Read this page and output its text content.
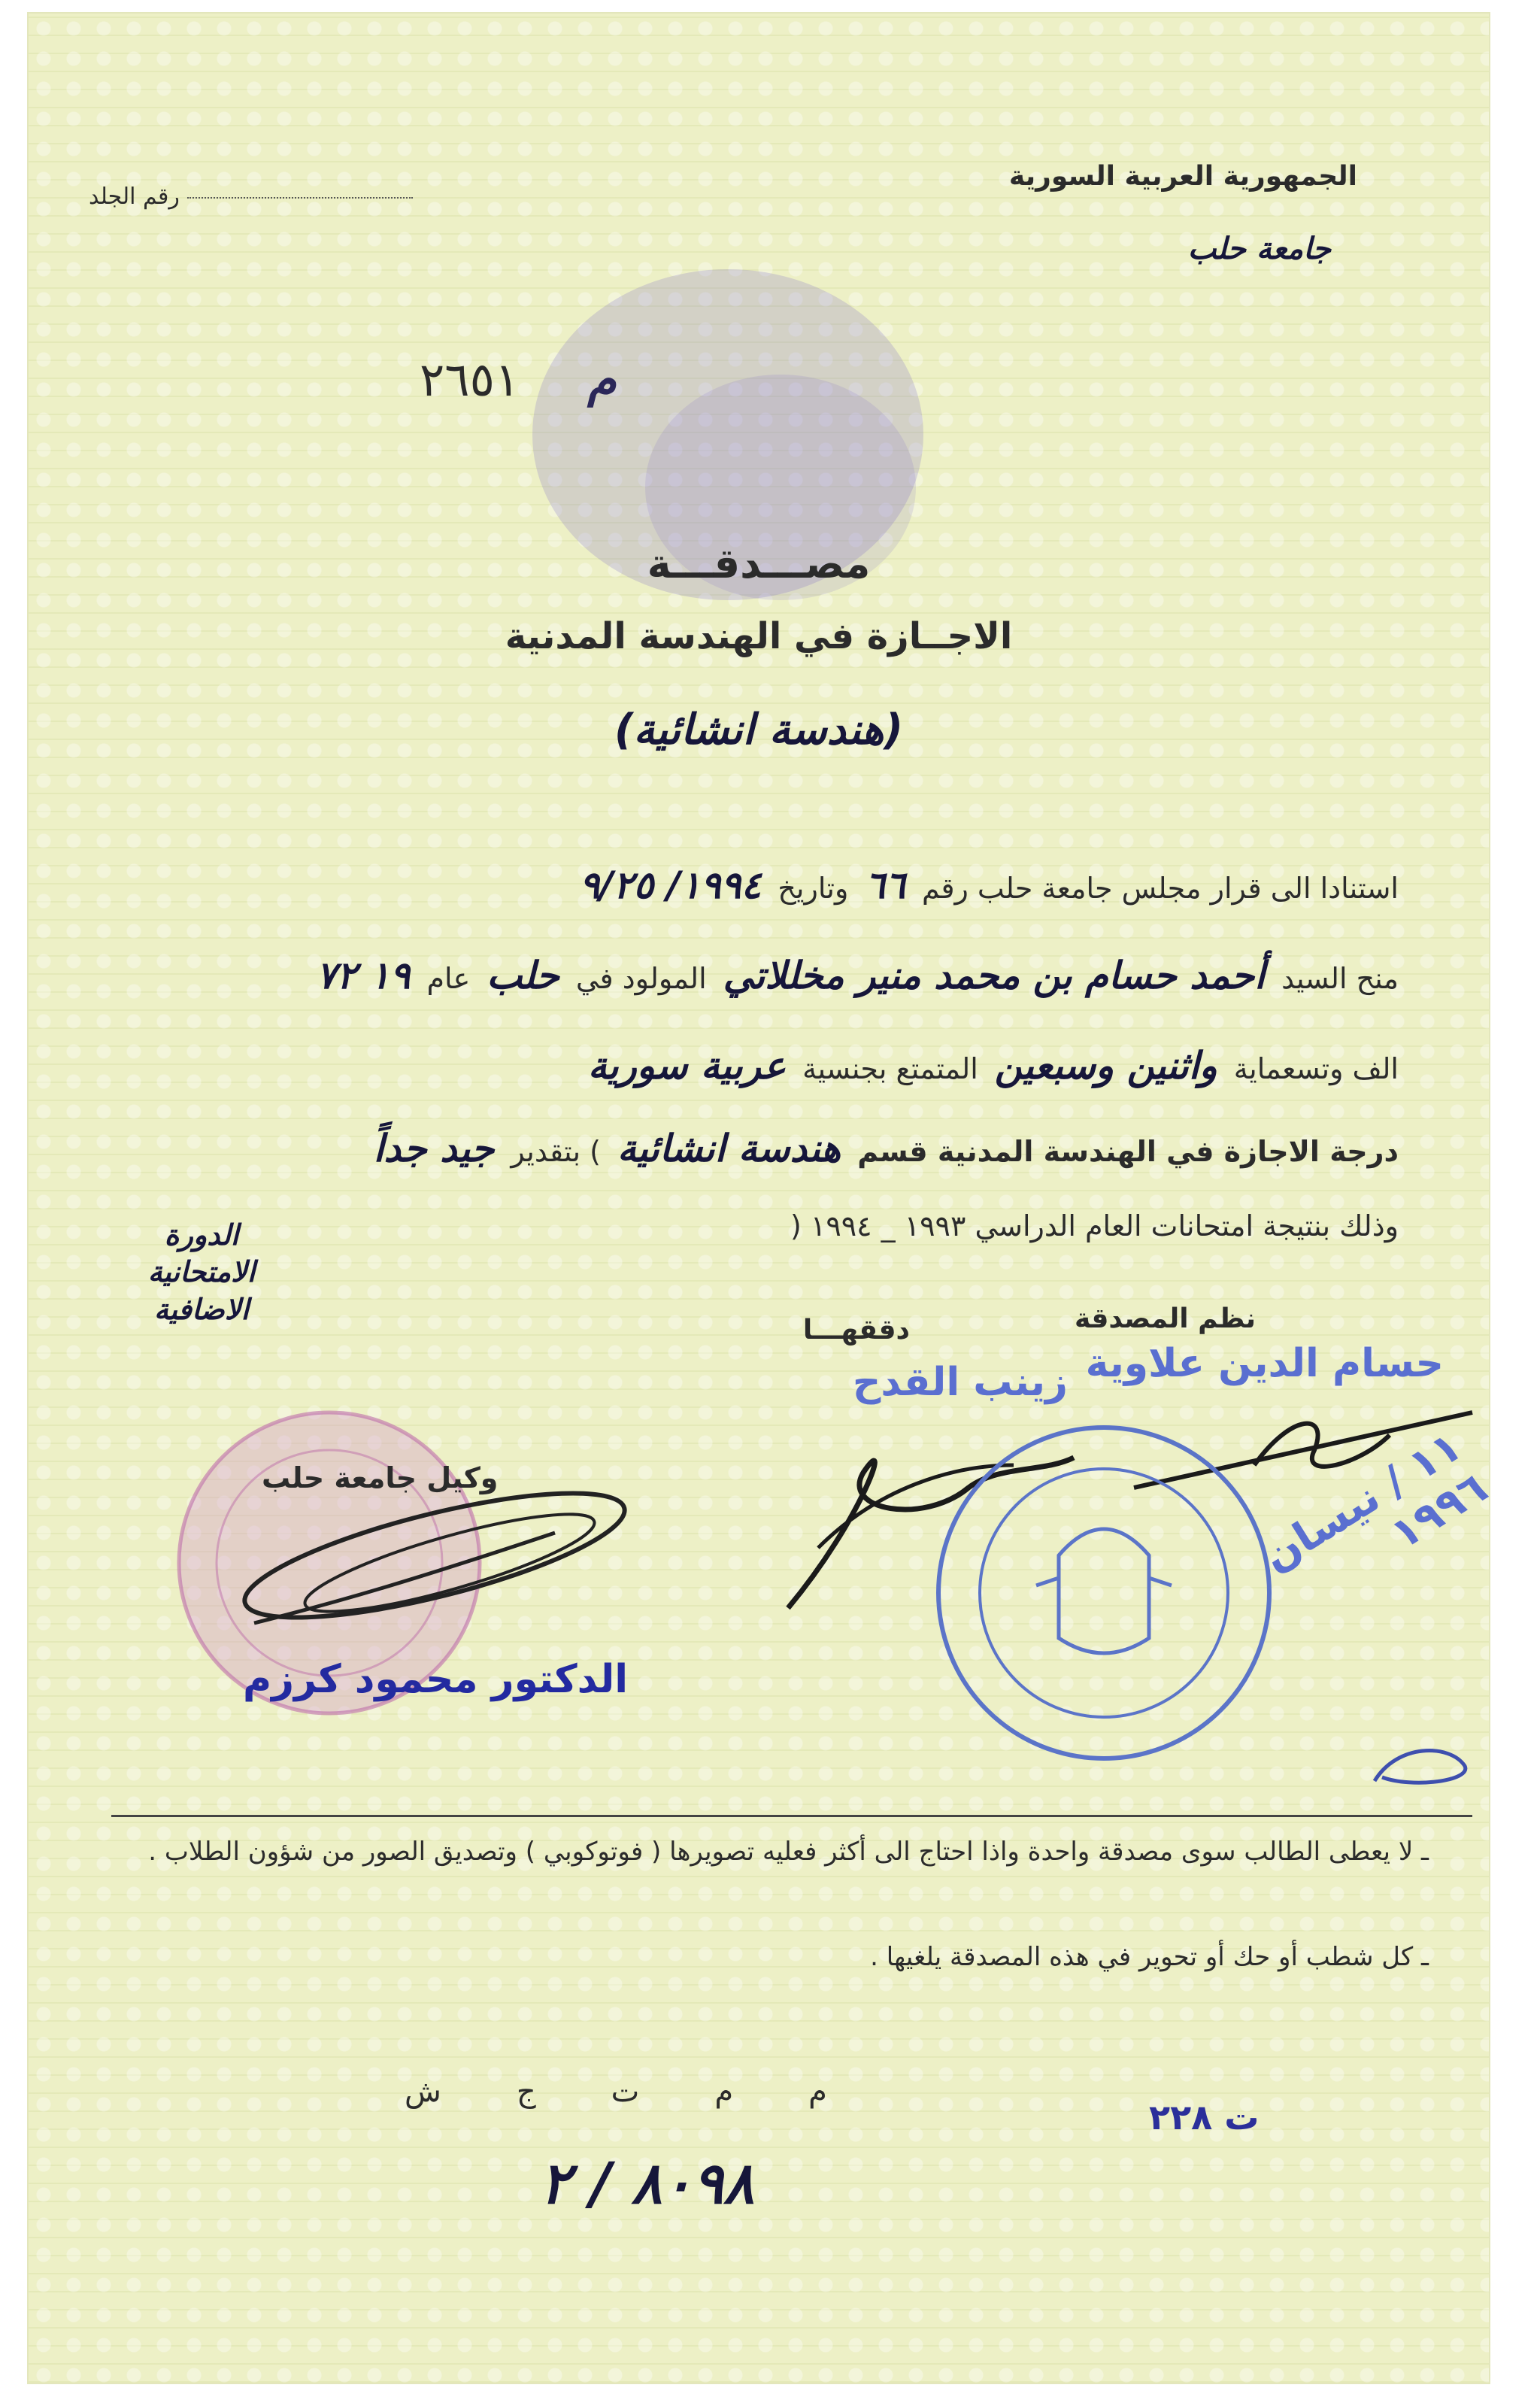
رقم الجلد
الجمهورية العربية السورية
جامعة حلب
٢٦٥١
مصـــدقـــة
الاجــازة في الهندسة المدنية
(هندسة انشائية)
استنادا الى قرار مجلس جامعة حلب رقم
٦٦
وتاريخ
١٩٩٤/ ٩/٢٥
منح السيد
أحمد حسام بن محمد منير مخللاتي
المولود في
حلب
عام
١٩ ٧٢
الف وتسعماية
واثنين وسبعين
المتمتع بجنسية
عربية سورية
درجة الاجازة في الهندسة المدنية قسم
هندسة انشائية
) بتقدير
جيد جداً
وذلك بنتيجة امتحانات العام الدراسي ١٩٩٣ _ ١٩٩٤ (
الدورة
الامتحانية الاضافية	نظم المصدقة
دققهـــا
حسام الدين علاوية
زينب القدح
١١ / نيسان ١٩٩٦
وكيل جامعة حلب
الدكتور محمود كرزم
ـ لا يعطى الطالب سوى مصدقة واحدة واذا احتاج الى أكثر فعليه تصويرها ( فوتوكوبي ) وتصديق الصور من شؤون الطلاب .
ـ كل شطب أو حك أو تحوير في هذه المصدقة يلغيها .
ش	ج	ت	م	م
ت ٢٢٨
٨٠٩٨ / ٢
